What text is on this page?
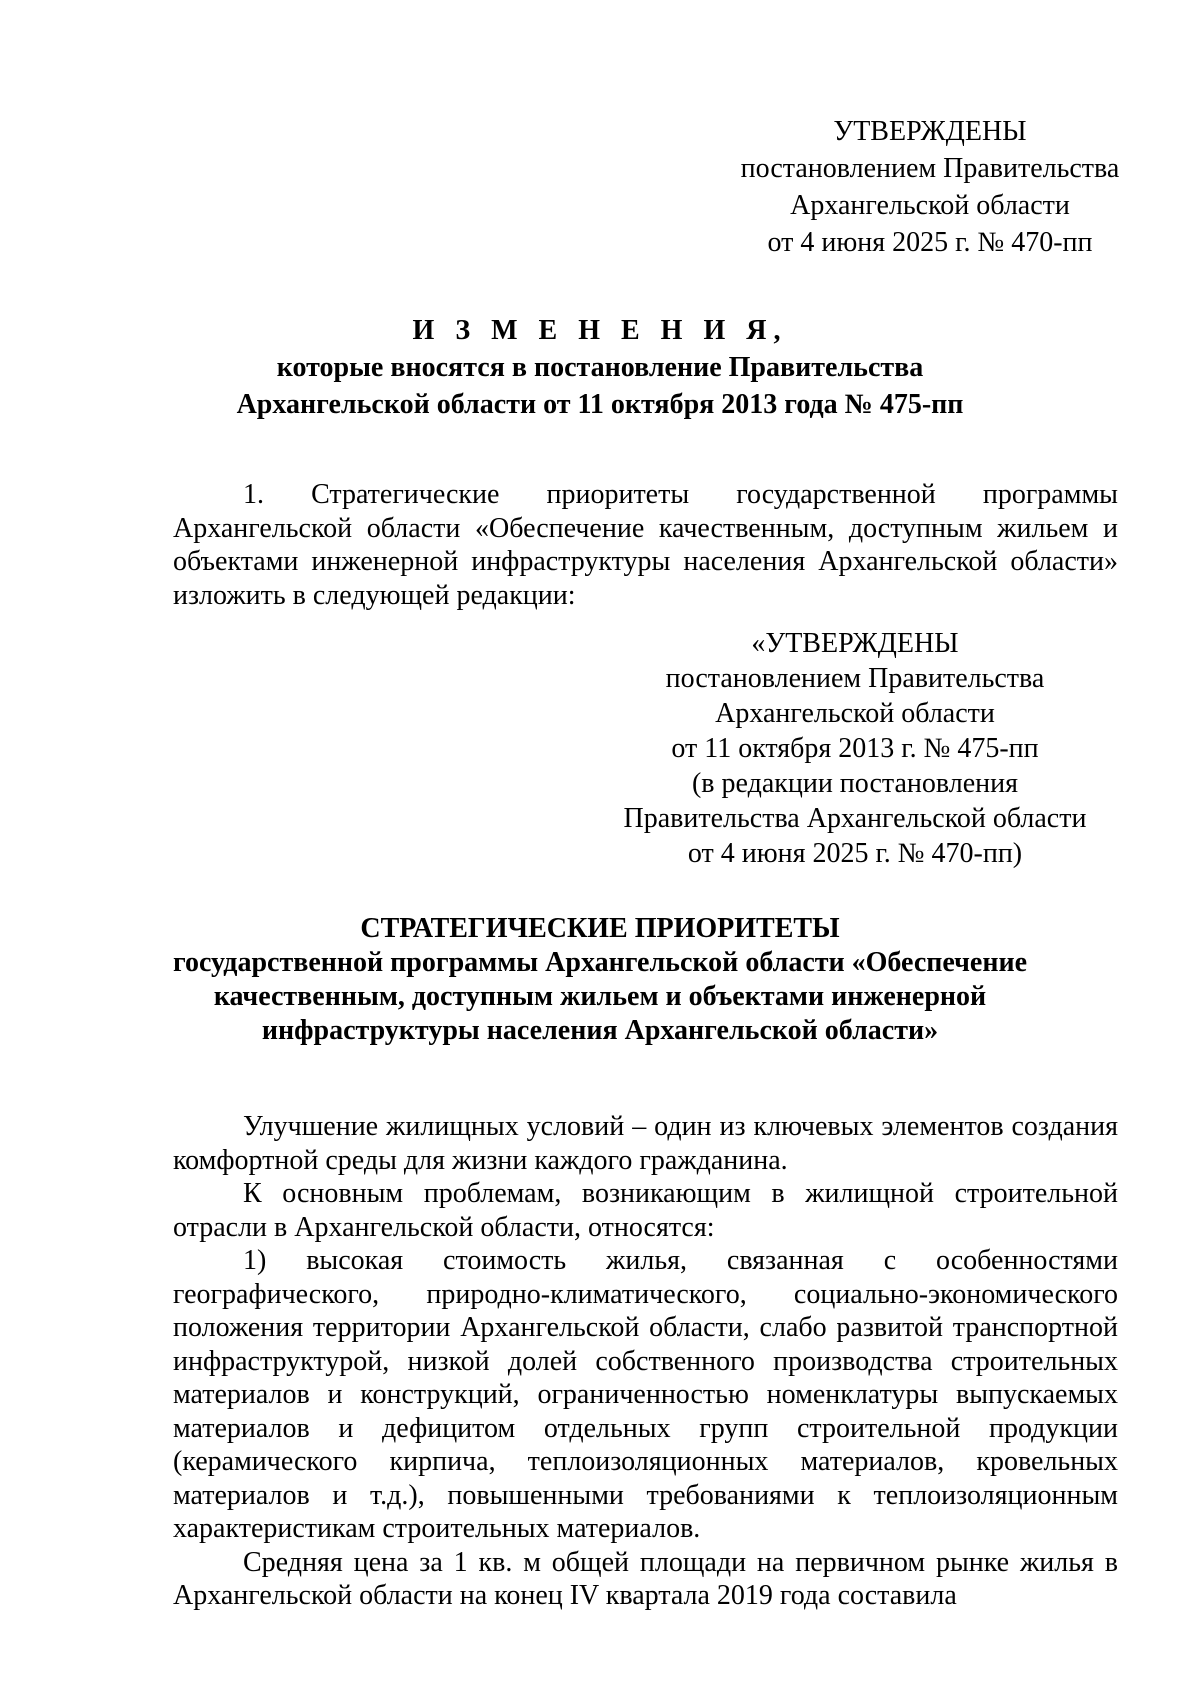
УТВЕРЖДЕНЫ
постановлением Правительства
Архангельской области
от 4 июня 2025 г. № 470-пп
И З М Е Н Е Н И Я,
которые вносятся в постановление Правительства
Архангельской области от 11 октября 2013 года № 475-пп

1. Стратегические приоритеты государственной программы Архангельской области «Обеспечение качественным, доступным жильем и объектами инженерной инфраструктуры населения Архангельской области» изложить в следующей редакции:

«УТВЕРЖДЕНЫ
постановлением Правительства
Архангельской области
от 11 октября 2013 г. № 475-пп
(в редакции постановления
Правительства Архангельской области
от 4 июня 2025 г. № 470-пп)
СТРАТЕГИЧЕСКИЕ ПРИОРИТЕТЫ
государственной программы Архангельской области «Обеспечение
качественным, доступным жильем и объектами инженерной
инфраструктуры населения Архангельской области»

Улучшение жилищных условий – один из ключевых элементов создания комфортной среды для жизни каждого гражданина.

К основным проблемам, возникающим в жилищной строительной отрасли в Архангельской области, относятся:

1) высокая стоимость жилья, связанная с особенностями географического, природно-климатического, социально-экономического положения территории Архангельской области, слабо развитой транспортной инфраструктурой, низкой долей собственного производства строительных материалов и конструкций, ограниченностью номенклатуры выпускаемых материалов и дефицитом отдельных групп строительной продукции (керамического кирпича, теплоизоляционных материалов, кровельных материалов и т.д.), повышенными требованиями к теплоизоляционным характеристикам строительных материалов.

Средняя цена за 1 кв. м общей площади на первичном рынке жилья в Архангельской области на конец IV квартала 2019 года составила
